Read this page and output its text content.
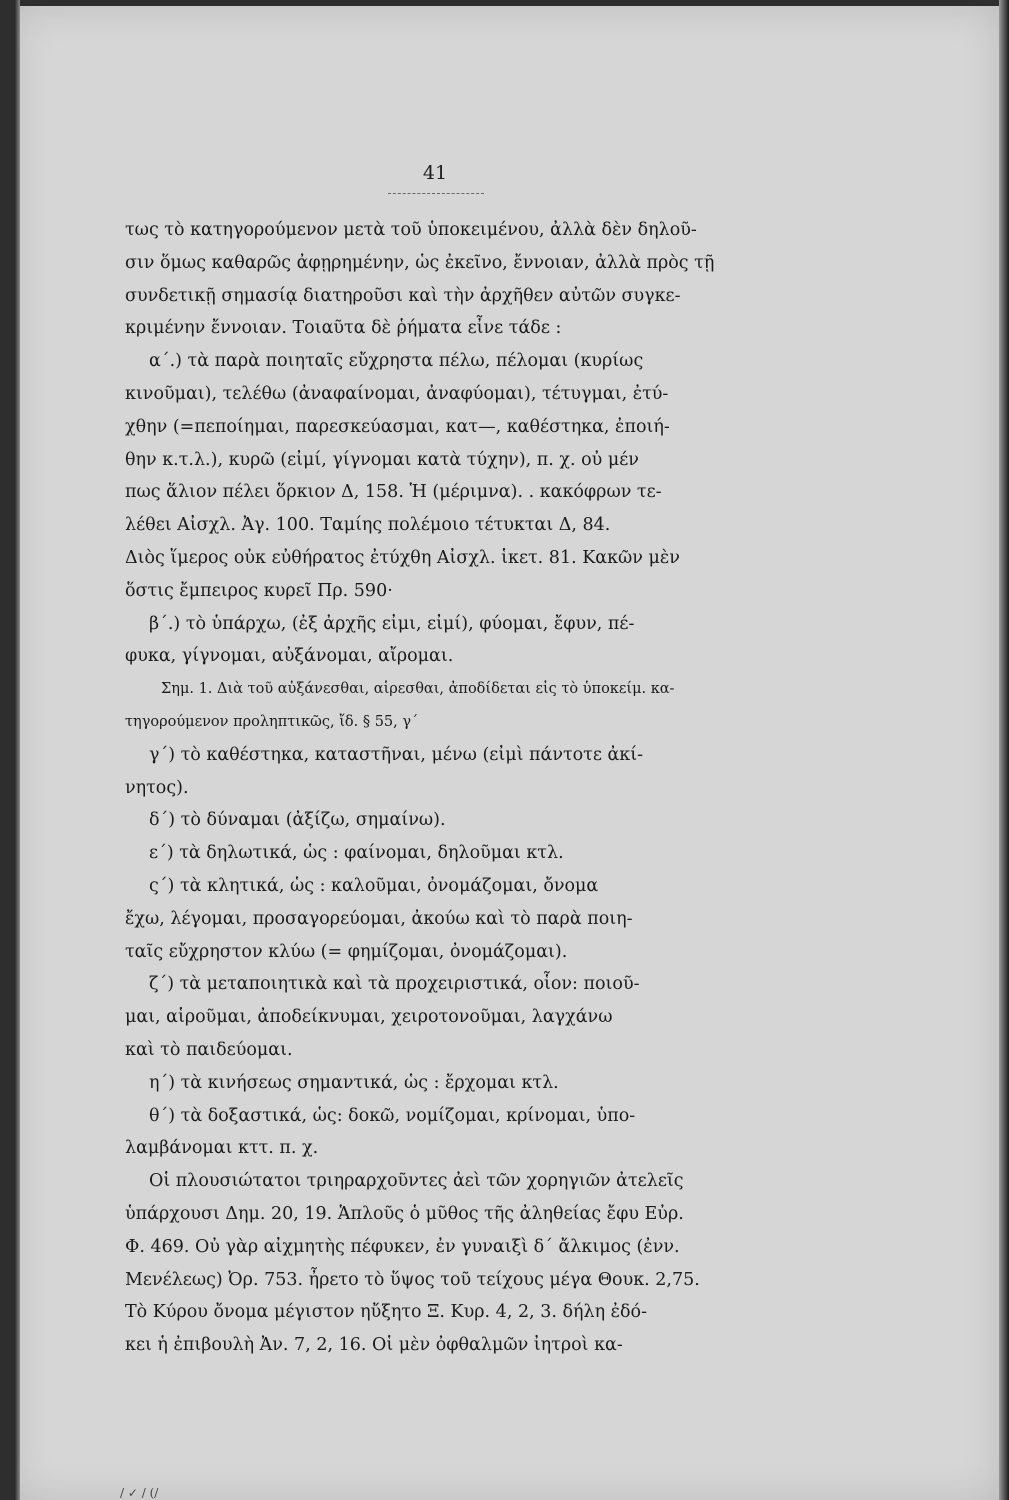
41
τως τὸ κατηγορούμενον μετὰ τοῦ ὑποκειμένου, ἀλλὰ δὲν δηλοῦ-
σιν ὅμως καθαρῶς ἀφῃρημένην, ὡς ἐκεῖνο, ἔννοιαν, ἀλλὰ πρὸς τῇ
συνδετικῇ σημασίᾳ διατηροῦσι καὶ τὴν ἀρχῆθεν αὐτῶν συγκε-
κριμένην ἔννοιαν. Τοιαῦτα δὲ ῥήματα εἶνε τάδε :
α΄.) τὰ παρὰ ποιηταῖς εὔχρηστα πέλω, πέλομαι (κυρίως
κινοῦμαι), τελέθω (ἀναφαίνομαι, ἀναφύομαι), τέτυγμαι, ἐτύ-
χθην (=πεποίημαι, παρεσκεύασμαι, κατ—, καθέστηκα, ἐποιή-
θην κ.τ.λ.), κυρῶ (εἰμί, γίγνομαι κατὰ τύχην), π. χ. οὐ μέν
πως ἅλιον πέλει ὅρκιον Δ, 158. Ἡ (μέριμνα). . κακόφρων τε-
λέθει Αἰσχλ. Ἀγ. 100. Ταμίης πολέμοιο τέτυκται Δ, 84.
Διὸς ἵμερος οὐκ εὐθήρατος ἐτύχθη Αἰσχλ. ἱκετ. 81. Κακῶν μὲν
ὅστις ἔμπειρος κυρεῖ Πρ. 590·
β΄.) τὸ ὑπάρχω, (ἐξ ἀρχῆς εἰμι, εἰμί), φύομαι, ἔφυν, πέ-
φυκα, γίγνομαι, αὐξάνομαι, αἴρομαι.
Σημ. 1. Διὰ τοῦ αὐξάνεσθαι, αἱρεσθαι, ἀποδίδεται εἰς τὸ ὑποκείμ. κα-
τηγορούμενον προληπτικῶς, ἴδ. § 55, γ΄
γ΄) τὸ καθέστηκα, καταστῆναι, μένω (εἰμὶ πάντοτε ἀκί-
νητος).
δ΄) τὸ δύναμαι (ἀξίζω, σημαίνω).
ε΄) τὰ δηλωτικά, ὡς : φαίνομαι, δηλοῦμαι κτλ.
ς΄) τὰ κλητικά, ὡς : καλοῦμαι, ὀνομάζομαι, ὄνομα
ἔχω, λέγομαι, προσαγορεύομαι, ἀκούω καὶ τὸ παρὰ ποιη-
ταῖς εὔχρηστον κλύω (= φημίζομαι, ὀνομάζομαι).
ζ΄) τὰ μεταποιητικὰ καὶ τὰ προχειριστικά, οἷον: ποιοῦ-
μαι, αἱροῦμαι, ἀποδείκνυμαι, χειροτονοῦμαι, λαγχάνω
καὶ τὸ παιδεύομαι.
η΄) τὰ κινήσεως σημαντικά, ὡς : ἔρχομαι κτλ.
θ΄) τὰ δοξαστικά, ὡς: δοκῶ, νομίζομαι, κρίνομαι, ὑπο-
λαμβάνομαι κττ. π. χ.
Οἱ πλουσιώτατοι τριηραρχοῦντες ἀεὶ τῶν χορηγιῶν ἀτελεῖς
ὑπάρχουσι Δημ. 20, 19. Ἁπλοῦς ὁ μῦθος τῆς ἀληθείας ἔφυ Εὐρ.
Φ. 469. Οὐ γὰρ αἰχμητὴς πέφυκεν, ἐν γυναιξὶ δ΄ ἄλκιμος (ἐνν.
Μενέλεως) Ὀρ. 753. ἦρετο τὸ ὕψος τοῦ τείχους μέγα Θουκ. 2,75.
Τὸ Κύρου ὄνομα μέγιστον ηὔξητο Ξ. Κυρ. 4, 2, 3. δήλη ἐδό-
κει ἡ ἐπιβουλὴ Ἀν. 7, 2, 16. Οἱ μὲν ὀφθαλμῶν ἰητροὶ κα-
/ ✓ / (/
